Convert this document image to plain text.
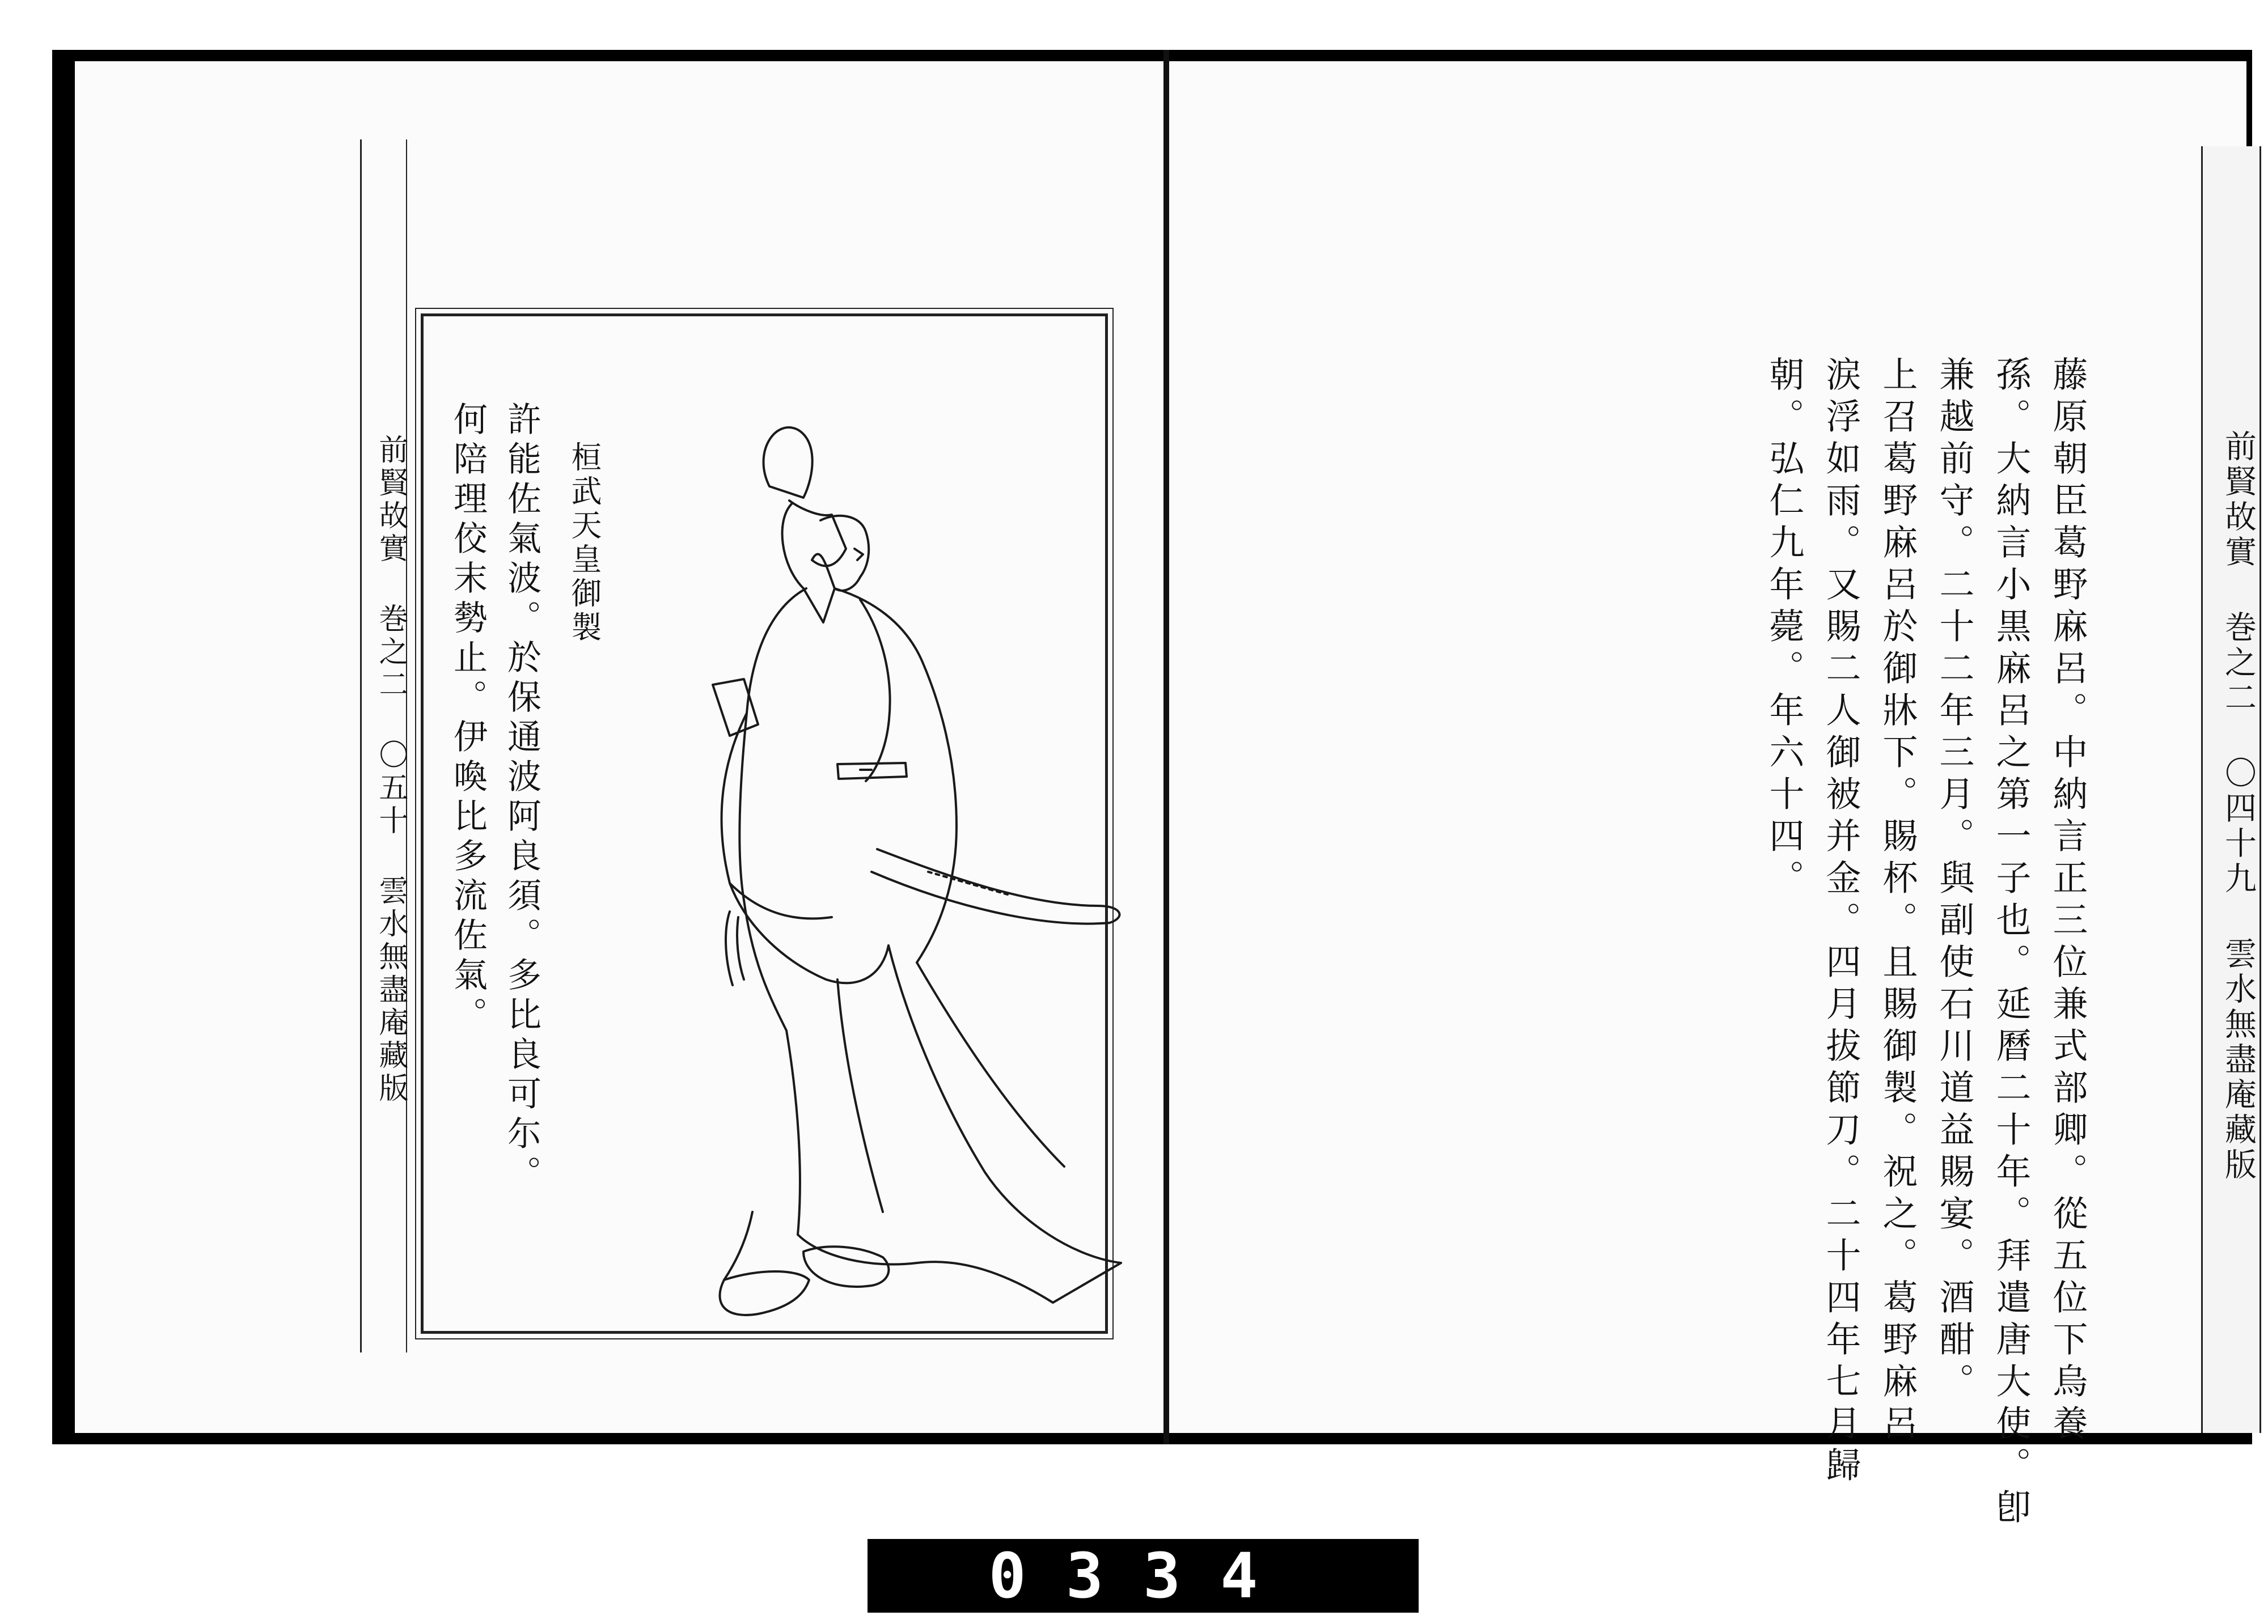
前賢故實 巻之二 〇五十 雲水無盡庵藏版	桓武天皇御製
許能佐氣波。於保通波阿良須。多比良可尓。
何陪理佼末勢止。伊喚比多流佐氣。	藤原朝臣葛野麻呂。中納言正三位兼式部卿。從五位下烏養
孫。大納言小黒麻呂之第一子也。延曆二十年。拜遣唐大使。卽
兼越前守。二十二年三月。與副使石川道益賜宴。酒酣。
上召葛野麻呂於御牀下。賜杯。且賜御製。祝之。葛野麻呂
涙浮如雨。又賜二人御被并金。四月拔節刀。二十四年七月歸
朝。弘仁九年薨。年六十四。	前賢故實 巻之二 〇四十九 雲水無盡庵藏版
0334
